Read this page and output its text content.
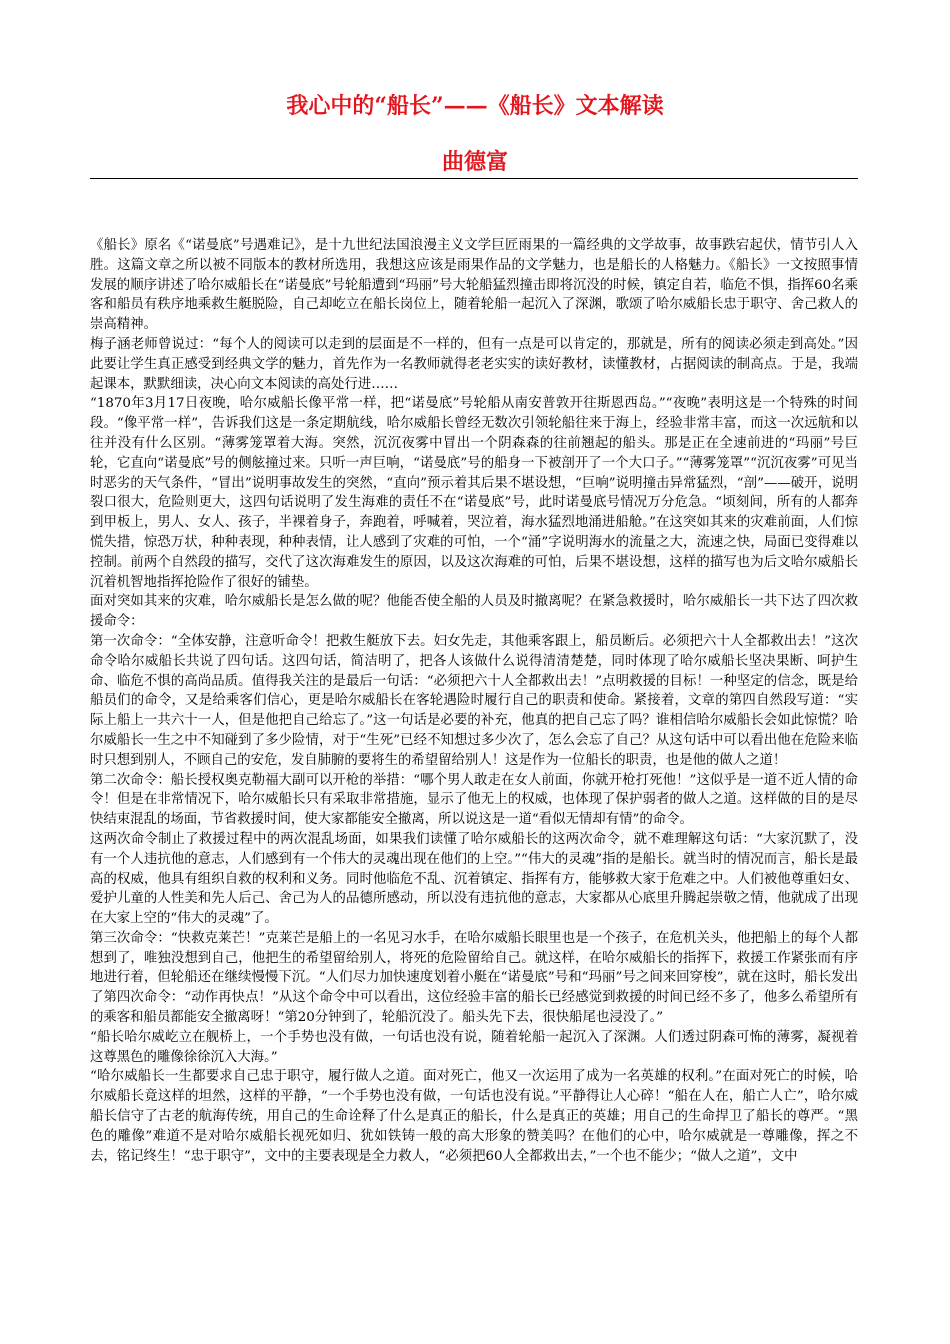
我心中的“船长”——《船长》文本解读
曲德富

《船长》原名《“诺曼底”号遇难记》，是十九世纪法国浪漫主义文学巨匠雨果的一篇经典的文学故事，故事跌宕起伏，情节引人入胜。这篇文章之所以被不同版本的教材所选用，我想这应该是雨果作品的文学魅力，也是船长的人格魅力。《船长》一文按照事情发展的顺序讲述了哈尔威船长在“诺曼底”号轮船遭到“玛丽”号大轮船猛烈撞击即将沉没的时候，镇定自若，临危不惧，指挥60名乘客和船员有秩序地乘救生艇脱险，自己却屹立在船长岗位上，随着轮船一起沉入了深渊，歌颂了哈尔威船长忠于职守、舍己救人的崇高精神。

梅子涵老师曾说过：“每个人的阅读可以走到的层面是不一样的，但有一点是可以肯定的，那就是，所有的阅读必须走到高处。”因此要让学生真正感受到经典文学的魅力，首先作为一名教师就得老老实实的读好教材，读懂教材，占据阅读的制高点。于是，我端起课本，默默细读，决心向文本阅读的高处行进……

“1870年3月17日夜晚，哈尔威船长像平常一样，把“诺曼底”号轮船从南安普敦开往斯恩西岛。”“夜晚”表明这是一个特殊的时间段。“像平常一样”，告诉我们这是一条定期航线，哈尔威船长曾经无数次引领轮船往来于海上，经验非常丰富，而这一次远航和以往并没有什么区别。“薄雾笼罩着大海。突然，沉沉夜雾中冒出一个阴森森的往前翘起的船头。那是正在全速前进的“玛丽”号巨轮，它直向“诺曼底”号的侧舷撞过来。只听一声巨响，“诺曼底”号的船身一下被剖开了一个大口子。”“薄雾笼罩”“沉沉夜雾”可见当时恶劣的天气条件，“冒出”说明事故发生的突然，“直向”预示着其后果不堪设想，“巨响”说明撞击异常猛烈，“剖”——破开，说明裂口很大，危险则更大，这四句话说明了发生海难的责任不在“诺曼底”号，此时诺曼底号情况万分危急。“顷刻间，所有的人都奔到甲板上，男人、女人、孩子，半裸着身子，奔跑着，呼喊着，哭泣着，海水猛烈地涌进船舱。”在这突如其来的灾难前面，人们惊慌失措，惊恐万状，种种表现，种种表情，让人感到了灾难的可怕，一个“涌”字说明海水的流量之大，流速之快，局面已变得难以控制。前两个自然段的描写，交代了这次海难发生的原因，以及这次海难的可怕，后果不堪设想，这样的描写也为后文哈尔威船长沉着机智地指挥抢险作了很好的铺垫。

面对突如其来的灾难，哈尔威船长是怎么做的呢？他能否使全船的人员及时撤离呢？在紧急救援时，哈尔威船长一共下达了四次救援命令：

第一次命令：“全体安静，注意听命令！把救生艇放下去。妇女先走，其他乘客跟上，船员断后。必须把六十人全都救出去！”这次命令哈尔威船长共说了四句话。这四句话，简洁明了，把各人该做什么说得清清楚楚，同时体现了哈尔威船长坚决果断、呵护生命、临危不惧的高尚品质。值得我关注的是最后一句话：“必须把六十人全都救出去！”点明救援的目标！一种坚定的信念，既是给船员们的命令，又是给乘客们信心，更是哈尔威船长在客轮遇险时履行自己的职责和使命。紧接着，文章的第四自然段写道：“实际上船上一共六十一人，但是他把自己给忘了。”这一句话是必要的补充，他真的把自己忘了吗？谁相信哈尔威船长会如此惊慌？哈尔威船长一生之中不知碰到了多少险情，对于“生死”已经不知想过多少次了，怎么会忘了自己？从这句话中可以看出他在危险来临时只想到别人，不顾自己的安危，发自肺腑的要将生的希望留给别人！这是作为一位船长的职责，也是他的做人之道！

第二次命令：船长授权奥克勒福大副可以开枪的举措：“哪个男人敢走在女人前面，你就开枪打死他！”这似乎是一道不近人情的命令！但是在非常情况下，哈尔威船长只有采取非常措施，显示了他无上的权威，也体现了保护弱者的做人之道。这样做的目的是尽快结束混乱的场面，节省救援时间，使大家都能安全撤离，所以说这是一道“看似无情却有情”的命令。

这两次命令制止了救援过程中的两次混乱场面，如果我们读懂了哈尔威船长的这两次命令，就不难理解这句话：“大家沉默了，没有一个人违抗他的意志，人们感到有一个伟大的灵魂出现在他们的上空。”“伟大的灵魂”指的是船长。就当时的情况而言，船长是最高的权威，他具有组织自救的权利和义务。同时他临危不乱、沉着镇定、指挥有方，能够救大家于危难之中。人们被他尊重妇女、爱护儿童的人性美和先人后己、舍己为人的品德所感动，所以没有违抗他的意志，大家都从心底里升腾起崇敬之情，他就成了出现在大家上空的“伟大的灵魂”了。

第三次命令：“快救克莱芒！”克莱芒是船上的一名见习水手，在哈尔威船长眼里也是一个孩子，在危机关头，他把船上的每个人都想到了，唯独没想到自己，他把生的希望留给别人，将死的危险留给自己。就这样，在哈尔威船长的指挥下，救援工作紧张而有序地进行着，但轮船还在继续慢慢下沉。“人们尽力加快速度划着小艇在“诺曼底”号和“玛丽”号之间来回穿梭”，就在这时，船长发出了第四次命令：“动作再快点！”从这个命令中可以看出，这位经验丰富的船长已经感觉到救援的时间已经不多了，他多么希望所有的乘客和船员都能安全撤离呀！“第20分钟到了，轮船沉没了。船头先下去，很快船尾也浸没了。”

“船长哈尔威屹立在舰桥上，一个手势也没有做，一句话也没有说，随着轮船一起沉入了深渊。人们透过阴森可怖的薄雾，凝视着这尊黑色的雕像徐徐沉入大海。”

“哈尔威船长一生都要求自己忠于职守，履行做人之道。面对死亡，他又一次运用了成为一名英雄的权利。”在面对死亡的时候，哈尔威船长竟这样的坦然，这样的平静，“一个手势也没有做，一句话也没有说。”平静得让人心碎！“船在人在，船亡人亡”，哈尔威船长信守了古老的航海传统，用自己的生命诠释了什么是真正的船长，什么是真正的英雄；用自己的生命捍卫了船长的尊严。“黑色的雕像”难道不是对哈尔威船长视死如归、犹如铁铸一般的高大形象的赞美吗？在他们的心中，哈尔威就是一尊雕像，挥之不去，铭记终生！“忠于职守”，文中的主要表现是全力救人，“必须把60人全都救出去，”一个也不能少；“做人之道”，文中
